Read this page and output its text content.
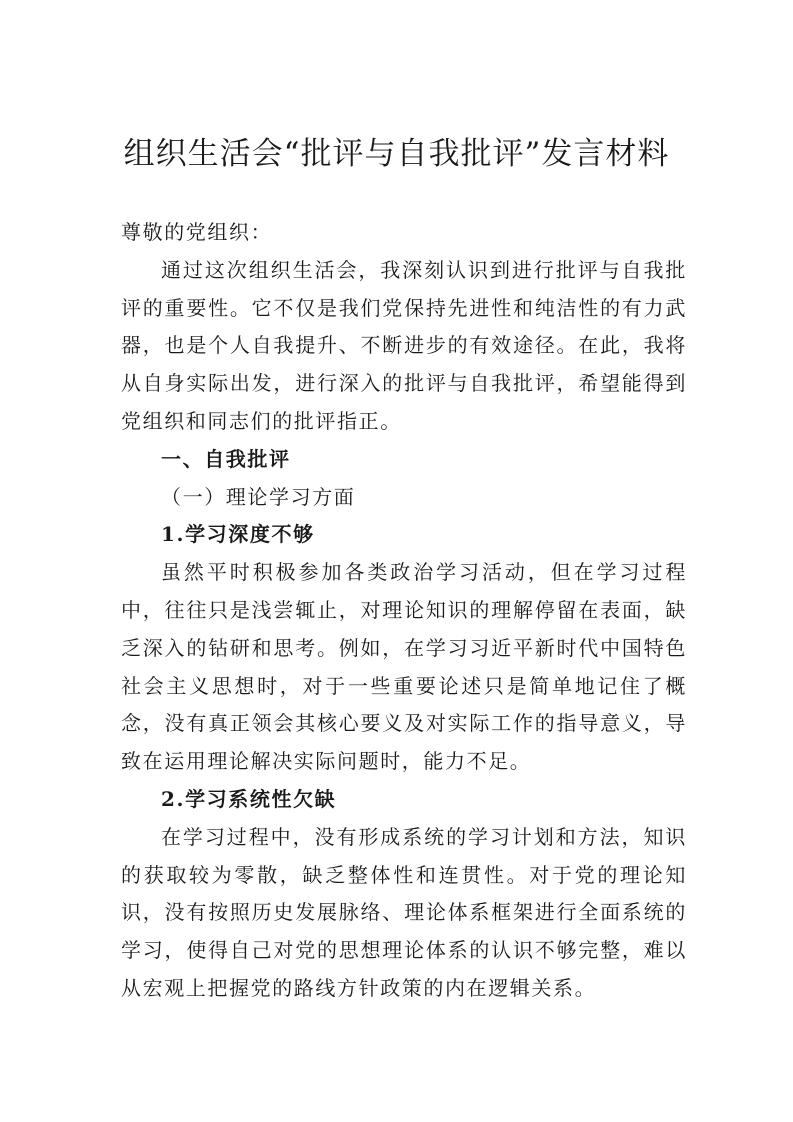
组织生活会“批评与自我批评”发言材料

尊敬的党组织：

通过这次组织生活会，我深刻认识到进行批评与自我批评的重要性。它不仅是我们党保持先进性和纯洁性的有力武器，也是个人自我提升、不断进步的有效途径。在此，我将从自身实际出发，进行深入的批评与自我批评，希望能得到党组织和同志们的批评指正。

一、自我批评

（一）理论学习方面

1.学习深度不够

虽然平时积极参加各类政治学习活动，但在学习过程中，往往只是浅尝辄止，对理论知识的理解停留在表面，缺乏深入的钻研和思考。例如，在学习习近平新时代中国特色社会主义思想时，对于一些重要论述只是简单地记住了概念，没有真正领会其核心要义及对实际工作的指导意义，导致在运用理论解决实际问题时，能力不足。

2.学习系统性欠缺

在学习过程中，没有形成系统的学习计划和方法，知识的获取较为零散，缺乏整体性和连贯性。对于党的理论知识，没有按照历史发展脉络、理论体系框架进行全面系统的学习，使得自己对党的思想理论体系的认识不够完整，难以从宏观上把握党的路线方针政策的内在逻辑关系。
